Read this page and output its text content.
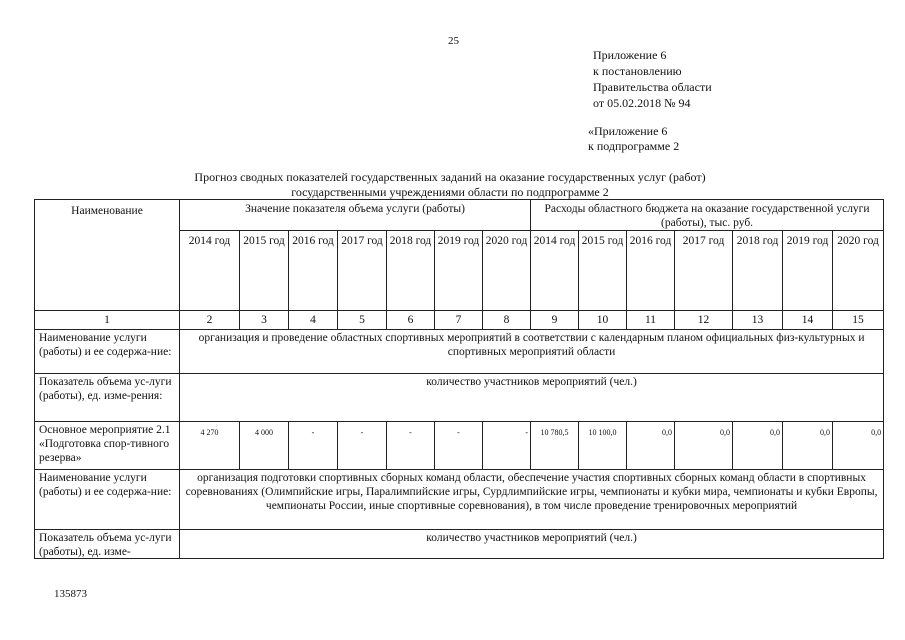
25
Приложение 6
к постановлению
Правительства области
от 05.02.2018 № 94
«Приложение 6
к подпрограмме 2
Прогноз сводных показателей государственных заданий на оказание государственных услуг (работ)
государственными учреждениями области по подпрограмме 2
Наименование	Значение показателя объема услуги (работы)							Расходы областного бюджета на оказание государственной услуги (работы), тыс. руб.						
	2014 год	2015 год	2016 год	2017 год	2018 год	2019 год	2020 год	2014 год	2015 год	2016 год	2017 год	2018 год	2019 год	2020 год
1	2	3	4	5	6	7	8	9	10	11	12	13	14	15
Наименование услуги (работы) и ее содержа-ние:	организация и проведение областных спортивных мероприятий в соответствии с календарным планом официальных физ-культурных и спортивных мероприятий области													
Показатель объема ус-луги (работы), ед. изме-рения:	количество участников мероприятий (чел.)													
Основное мероприятие 2.1 «Подготовка спор-тивного резерва»	4 270	4 000	-	-	-	-	-	10 780,5	10 100,0	0,0	0,0	0,0	0,0	0,0
Наименование услуги (работы) и ее содержа-ние:	организация подготовки спортивных сборных команд области, обеспечение участия спортивных сборных команд области в спортивных соревнованиях (Олимпийские игры, Паралимпийские игры, Сурдлимпийские игры, чемпионаты и кубки мира, чемпионаты и кубки Европы, чемпионаты России, иные спортивные соревнования), в том числе проведение тренировочных мероприятий													

Показатель объема ус-луги (работы), ед. изме-	количество участников мероприятий (чел.)													
135873
